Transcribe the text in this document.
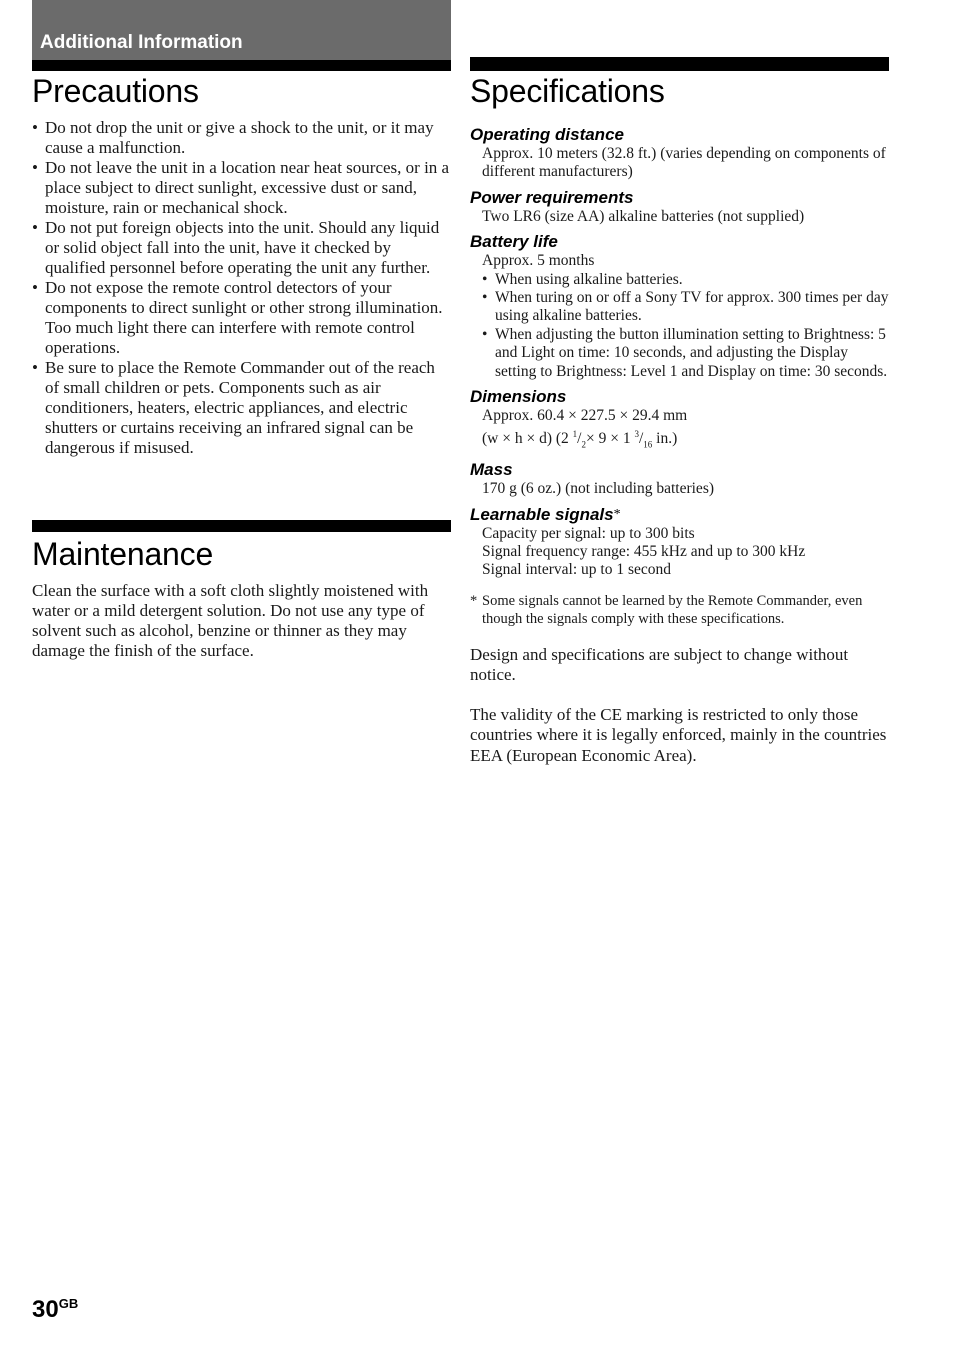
Additional Information
Precautions
• Do not drop the unit or give a shock to the unit, or it may cause a malfunction.
• Do not leave the unit in a location near heat sources, or in a place subject to direct sunlight, excessive dust or sand, moisture, rain or mechanical shock.
• Do not put foreign objects into the unit. Should any liquid or solid object fall into the unit, have it checked by qualified personnel before operating the unit any further.
• Do not expose the remote control detectors of your components to direct sunlight or other strong illumination. Too much light there can interfere with remote control operations.
• Be sure to place the Remote Commander out of the reach of small children or pets. Components such as air conditioners, heaters, electric appliances, and electric shutters or curtains receiving an infrared signal can be dangerous if misused.
Maintenance
Clean the surface with a soft cloth slightly moistened with water or a mild detergent solution. Do not use any type of solvent such as alcohol, benzine or thinner as they may damage the finish of the surface.
Specifications
Operating distance
Approx. 10 meters (32.8 ft.) (varies depending on components of different manufacturers)
Power requirements
Two LR6 (size AA) alkaline batteries (not supplied)
Battery life
Approx. 5 months
• When using alkaline batteries.
• When turing on or off a Sony TV for approx. 300 times per day using alkaline batteries.
• When adjusting the button illumination setting to Brightness: 5 and Light on time: 10 seconds, and adjusting the Display setting to Brightness: Level 1 and Display on time: 30 seconds.
Dimensions
Approx. 60.4 × 227.5 × 29.4 mm
(w × h × d) (2 $^1/_2\times 9 \times 1$ $^3/_{16}$ in.)
Mass
170 g (6 oz.) (not including batteries)
Learnable signals*
Capacity per signal: up to 300 bits
Signal frequency range: 455 kHz and up to 300 kHz
Signal interval: up to 1 second
* Some signals cannot be learned by the Remote Commander, even though the signals comply with these specifications.
Design and specifications are subject to change without notice.
The validity of the CE marking is restricted to only those countries where it is legally enforced, mainly in the countries EEA (European Economic Area).
$30^{GB}$
